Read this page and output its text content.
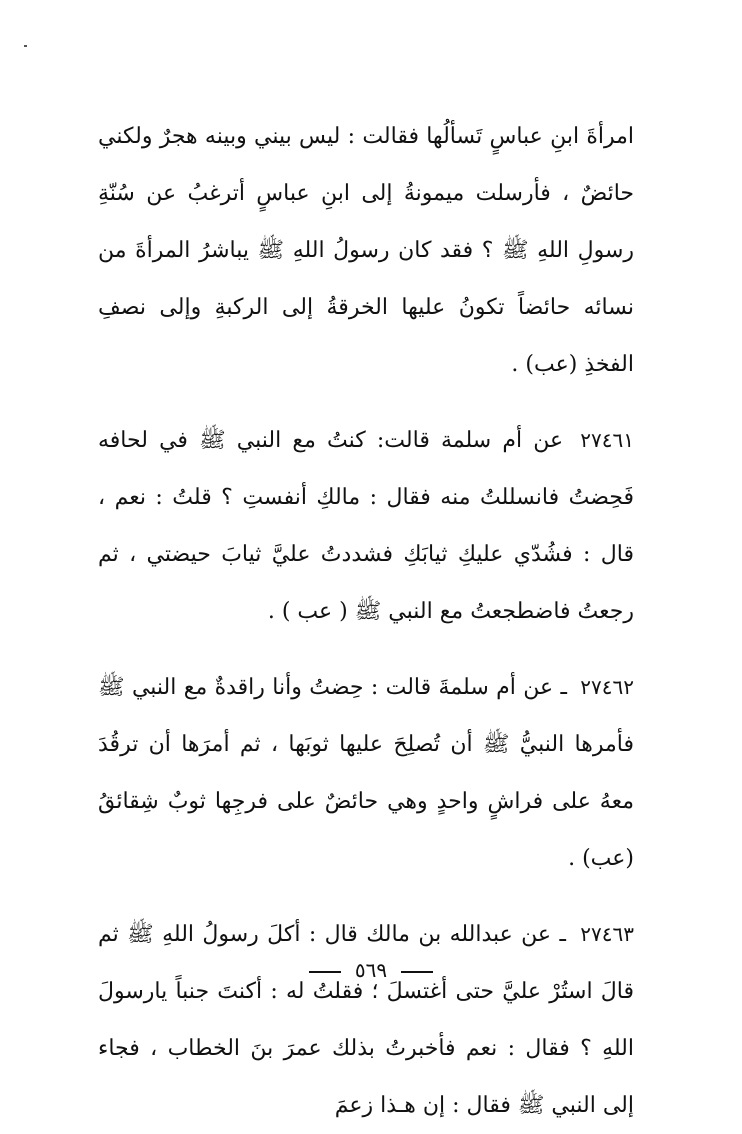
امرأةَ ابنِ عباسٍ تَسألُها فقالت : ليس بيني وبينه هجرٌ ولكني حائضٌ ، فأرسلت ميمونةُ إلى ابنِ عباسٍ أترغبُ عن سُنّةِ رسولِ اللهِ ﷺ ؟ فقد كان رسولُ اللهِ ﷺ يباشرُ المرأةَ من نسائه حائضاً تكونُ عليها الخرقةُ إلى الركبةِ وإلى نصفِ الفخذِ (عب) .

٢٧٤٦١ عن أم سلمة قالت: كنتُ مع النبي ﷺ في لحافه فَحِضتُ فانسللتُ منه فقال : مالكِ أنفستِ ؟ قلتُ : نعم ، قال : فشُدّي عليكِ ثيابَكِ فشددتُ عليَّ ثيابَ حيضتي ، ثم رجعتُ فاضطجعتُ مع النبي ﷺ ( عب ) .

٢٧٤٦٢ ـ عن أم سلمةَ قالت : حِضتُ وأنا راقدةٌ مع النبي ﷺ فأمرها النبيُّ ﷺ أن تُصلِحَ عليها ثوبَها ، ثم أمرَها أن ترقُدَ معهُ على فراشٍ واحدٍ وهي حائضٌ على فرجِها ثوبٌ شِقائقُ (عب) .

٢٧٤٦٣ ـ عن عبدالله بن مالك قال : أكلَ رسولُ اللهِ ﷺ ثم قالَ استُرْ عليَّ حتى أغتسلَ ؛ فقلتُ له : أكنتَ جنباً يارسولَ اللهِ ؟ فقال : نعم فأخبرتُ بذلك عمرَ بنَ الخطاب ، فجاء إلى النبي ﷺ فقال : إن هـذا زعمَ

٥٦٩
